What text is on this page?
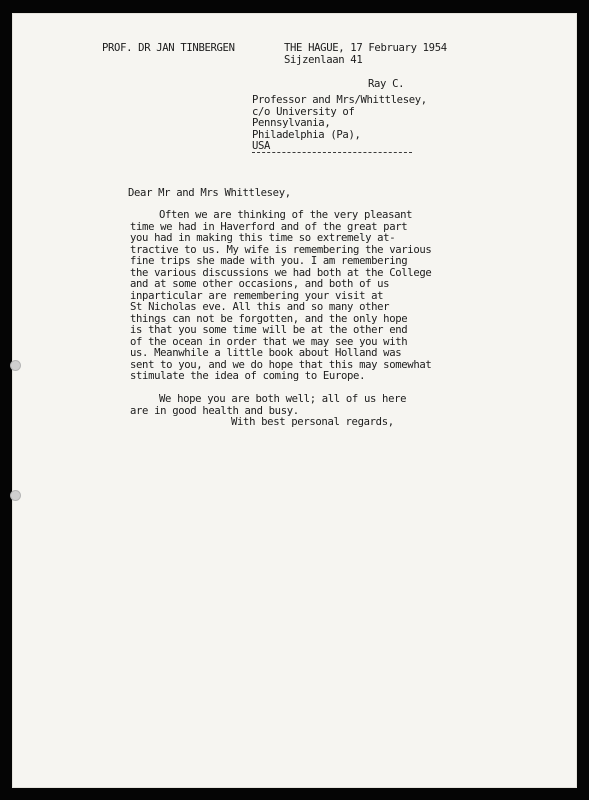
PROF. DR JAN TINBERGEN	THE HAGUE, 17 February 1954
Sijzenlaan 41
Ray C.
Professor and Mrs/Whittlesey,
c/o University of
Pennsylvania,
Philadelphia (Pa),
USA
Dear Mr and Mrs Whittlesey,
Often we are thinking of the very pleasant
time we had in Haverford and of the great part
you had in making this time so extremely at-
tractive to us. My wife is remembering the various
fine trips she made with you. I am remembering
the various discussions we had both at the College
and at some other occasions, and both of us
inparticular are remembering your visit at
St Nicholas eve. All this and so many other
things can not be forgotten, and the only hope
is that you some time will be at the other end
of the ocean in order that we may see you with
us. Meanwhile a little book about Holland was
sent to you, and we do hope that this may somewhat
stimulate the idea of coming to Europe.
We hope you are both well; all of us here
are in good health and busy.
With best personal regards,
